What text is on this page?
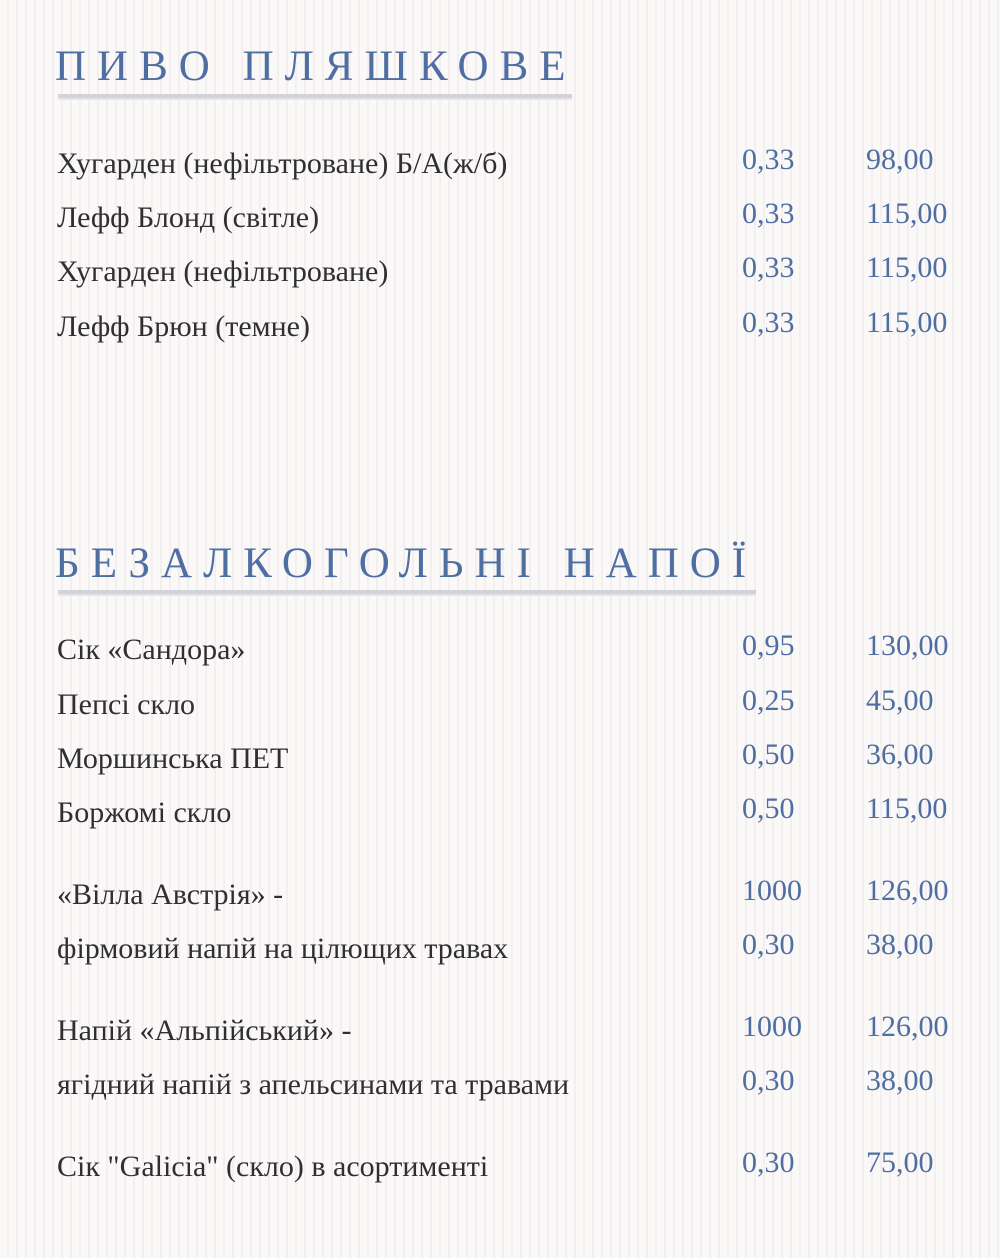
ПИВО ПЛЯШКОВЕ
Хугарден (нефільтроване) Б/А(ж/б)	0,33 98,00
Лефф Блонд (світле)	0,33 115,00
Хугарден (нефільтроване)	0,33 115,00
Лефф Брюн (темне)	0,33 115,00
БЕЗАЛКОГОЛЬНІ НАПОЇ
Сік «Сандора»	0,95 130,00
Пепсі скло	0,25 45,00
Моршинська ПЕТ	0,50 36,00
Боржомі скло	0,50 115,00
«Вілла Австрія» -	1000 126,00
фірмовий напій на цілющих травах	0,30 38,00
Напій «Альпійський» -	1000 126,00
ягідний напій з апельсинами та травами	0,30 38,00
Сік "Galicia" (скло) в асортименті	0,30 75,00
